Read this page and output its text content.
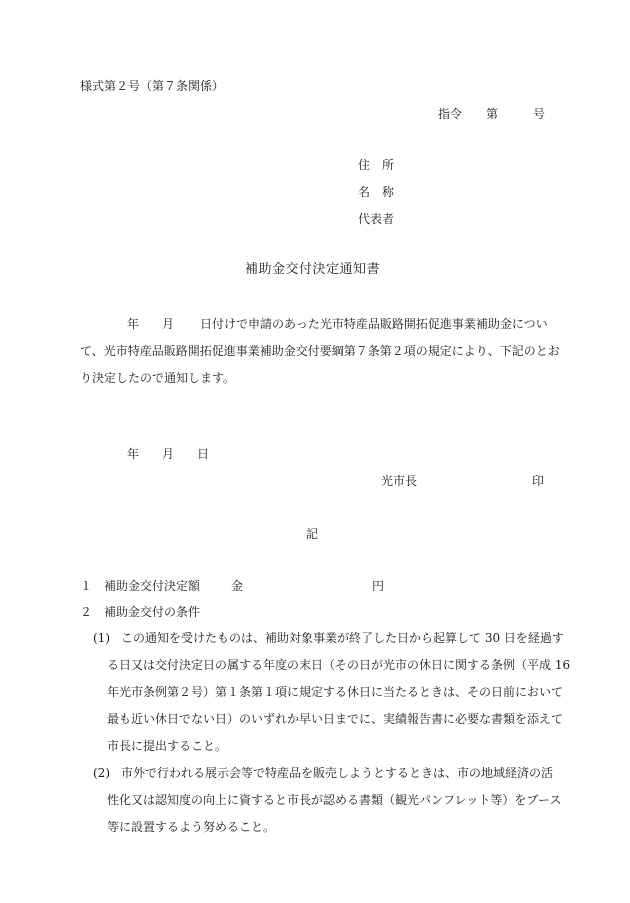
様式第２号（第７条関係）
指令 第	号
住　所
名　称
代表者
補助金交付決定通知書
年 月 日付けで申請のあった光市特産品販路開拓促進事業補助金につい
て、光市特産品販路開拓促進事業補助金交付要綱第７条第２項の規定により、下記のとお
り決定したので通知します。
年 月 日
光市長	印
記
１ 補助金交付決定額	金	円
２ 補助金交付の条件
(1) この通知を受けたものは、補助対象事業が終了した日から起算して 30 日を経過す
る日又は交付決定日の属する年度の末日（その日が光市の休日に関する条例（平成 16
年光市条例第２号）第１条第１項に規定する休日に当たるときは、その日前において
最も近い休日でない日）のいずれか早い日までに、実績報告書に必要な書類を添えて
市長に提出すること。
(2) 市外で行われる展示会等で特産品を販売しようとするときは、市の地域経済の活
性化又は認知度の向上に資すると市長が認める書類（観光パンフレット等）をブース
等に設置するよう努めること。
